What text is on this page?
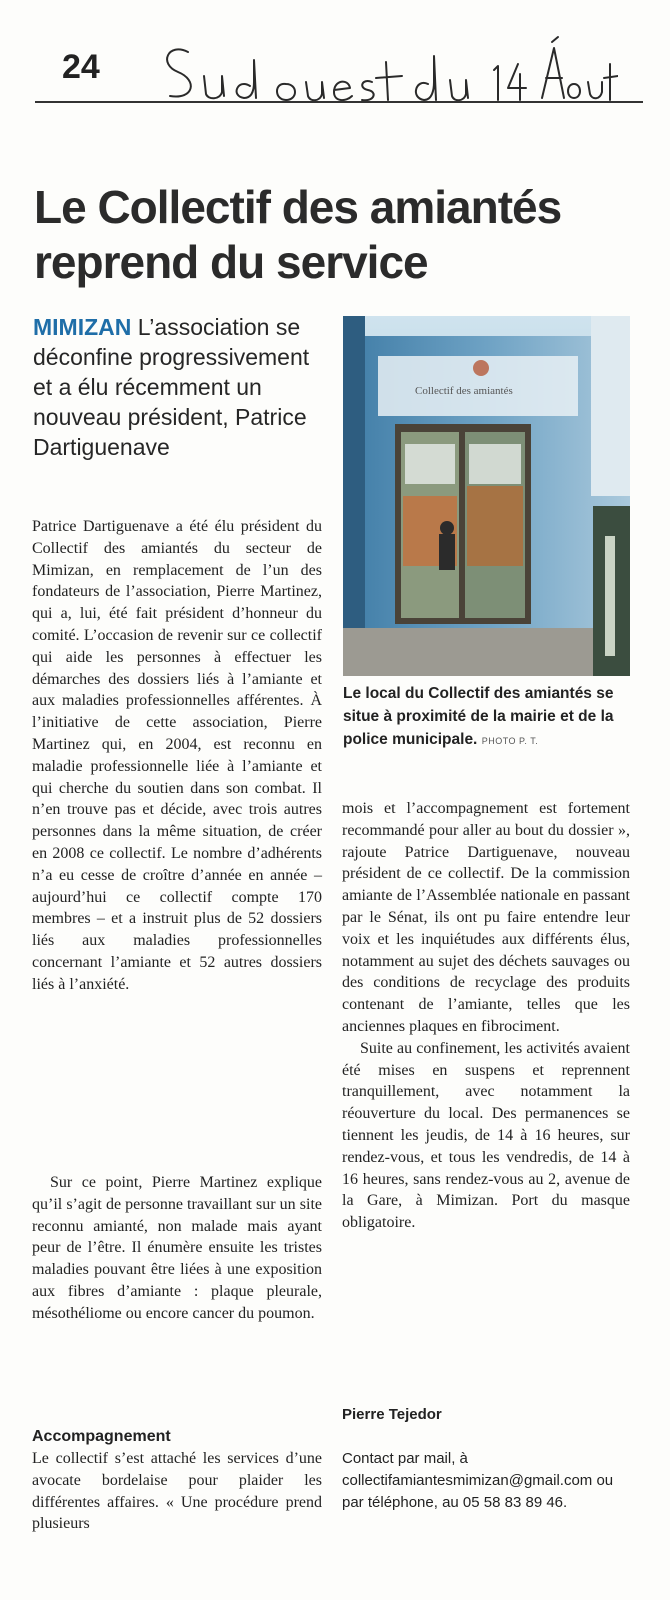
24
Le Collectif des amiantés reprend du service
MIMIZAN L’association se déconfine progressivement et a élu récemment un nouveau président, Patrice Dartiguenave

Patrice Dartiguenave a été élu président du Collectif des amiantés du secteur de Mimizan, en remplacement de l’un des fondateurs de l’association, Pierre Martinez, qui a, lui, été fait président d’honneur du comité. L’occasion de revenir sur ce collectif qui aide les personnes à effectuer les démarches des dossiers liés à l’amiante et aux maladies professionnelles afférentes. À l’initiative de cette association, Pierre Martinez qui, en 2004, est reconnu en maladie professionnelle liée à l’amiante et qui cherche du soutien dans son combat. Il n’en trouve pas et décide, avec trois autres personnes dans la même situation, de créer en 2008 ce collectif. Le nombre d’adhérents n’a eu cesse de croître d’année en année – aujourd’hui ce collectif compte 170 membres – et a instruit plus de 52 dossiers liés aux maladies professionnelles concernant l’amiante et 52 autres dossiers liés à l’anxiété.

Sur ce point, Pierre Martinez explique qu’il s’agit de personne travaillant sur un site reconnu amianté, non malade mais ayant peur de l’être. Il énumère ensuite les tristes maladies pouvant être liées à une exposition aux fibres d’amiante : plaque pleurale, mésothéliome ou encore cancer du poumon.

Accompagnement

Le collectif s’est attaché les services d’une avocate bordelaise pour plaider les différentes affaires. « Une procédure prend plusieurs

Collectif des amiantés
Le local du Collectif des amiantés se situe à proximité de la mairie et de la police municipale. PHOTO P. T.

mois et l’accompagnement est fortement recommandé pour aller au bout du dossier », rajoute Patrice Dartiguenave, nouveau président de ce collectif. De la commission amiante de l’Assemblée nationale en passant par le Sénat, ils ont pu faire entendre leur voix et les inquiétudes aux différents élus, notamment au sujet des déchets sauvages ou des conditions de recyclage des produits contenant de l’amiante, telles que les anciennes plaques en fibrociment.

Suite au confinement, les activités avaient été mises en suspens et reprennent tranquillement, avec notamment la réouverture du local. Des permanences se tiennent les jeudis, de 14 à 16 heures, sur rendez-vous, et tous les vendredis, de 14 à 16 heures, sans rendez-vous au 2, avenue de la Gare, à Mimizan. Port du masque obligatoire.

Pierre Tejedor
Contact par mail, à collectifamiantesmimizan@gmail.com ou par téléphone, au 05 58 83 89 46.
